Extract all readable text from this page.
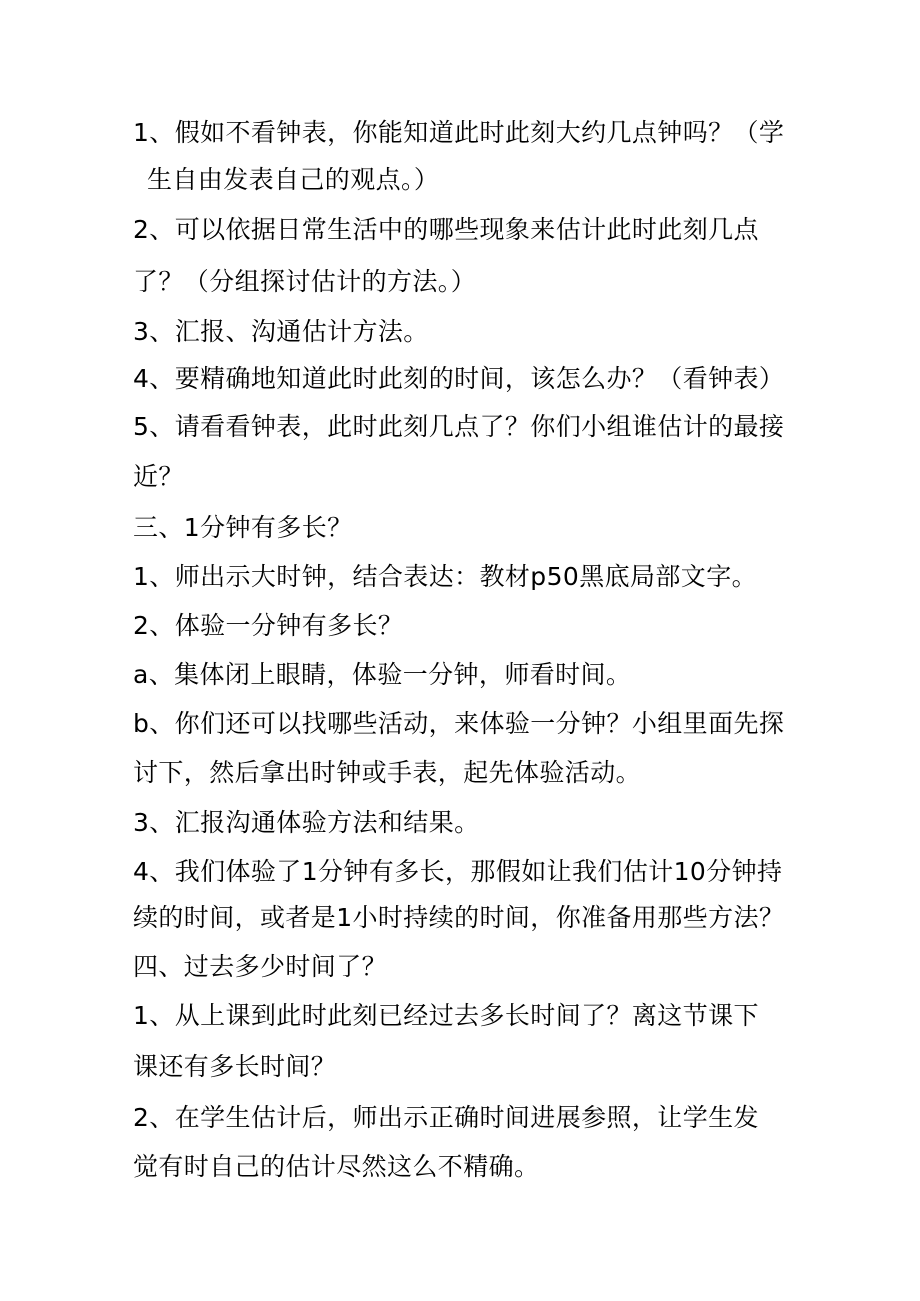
1、假如不看钟表，你能知道此时此刻大约几点钟吗？（学
生自由发表自己的观点。）
2、可以依据日常生活中的哪些现象来估计此时此刻几点
了？（分组探讨估计的方法。）
3、汇报、沟通估计方法。
4、要精确地知道此时此刻的时间，该怎么办？（看钟表）
5、请看看钟表，此时此刻几点了？你们小组谁估计的最接
近？
三、1分钟有多长？
1、师出示大时钟，结合表达：教材p50黑底局部文字。
2、体验一分钟有多长？
a、集体闭上眼睛，体验一分钟，师看时间。
b、你们还可以找哪些活动，来体验一分钟？小组里面先探
讨下，然后拿出时钟或手表，起先体验活动。
3、汇报沟通体验方法和结果。
4、我们体验了1分钟有多长，那假如让我们估计10分钟持
续的时间，或者是1小时持续的时间，你准备用那些方法？
四、过去多少时间了？
1、从上课到此时此刻已经过去多长时间了？离这节课下
课还有多长时间？
2、在学生估计后，师出示正确时间进展参照，让学生发
觉有时自己的估计尽然这么不精确。
